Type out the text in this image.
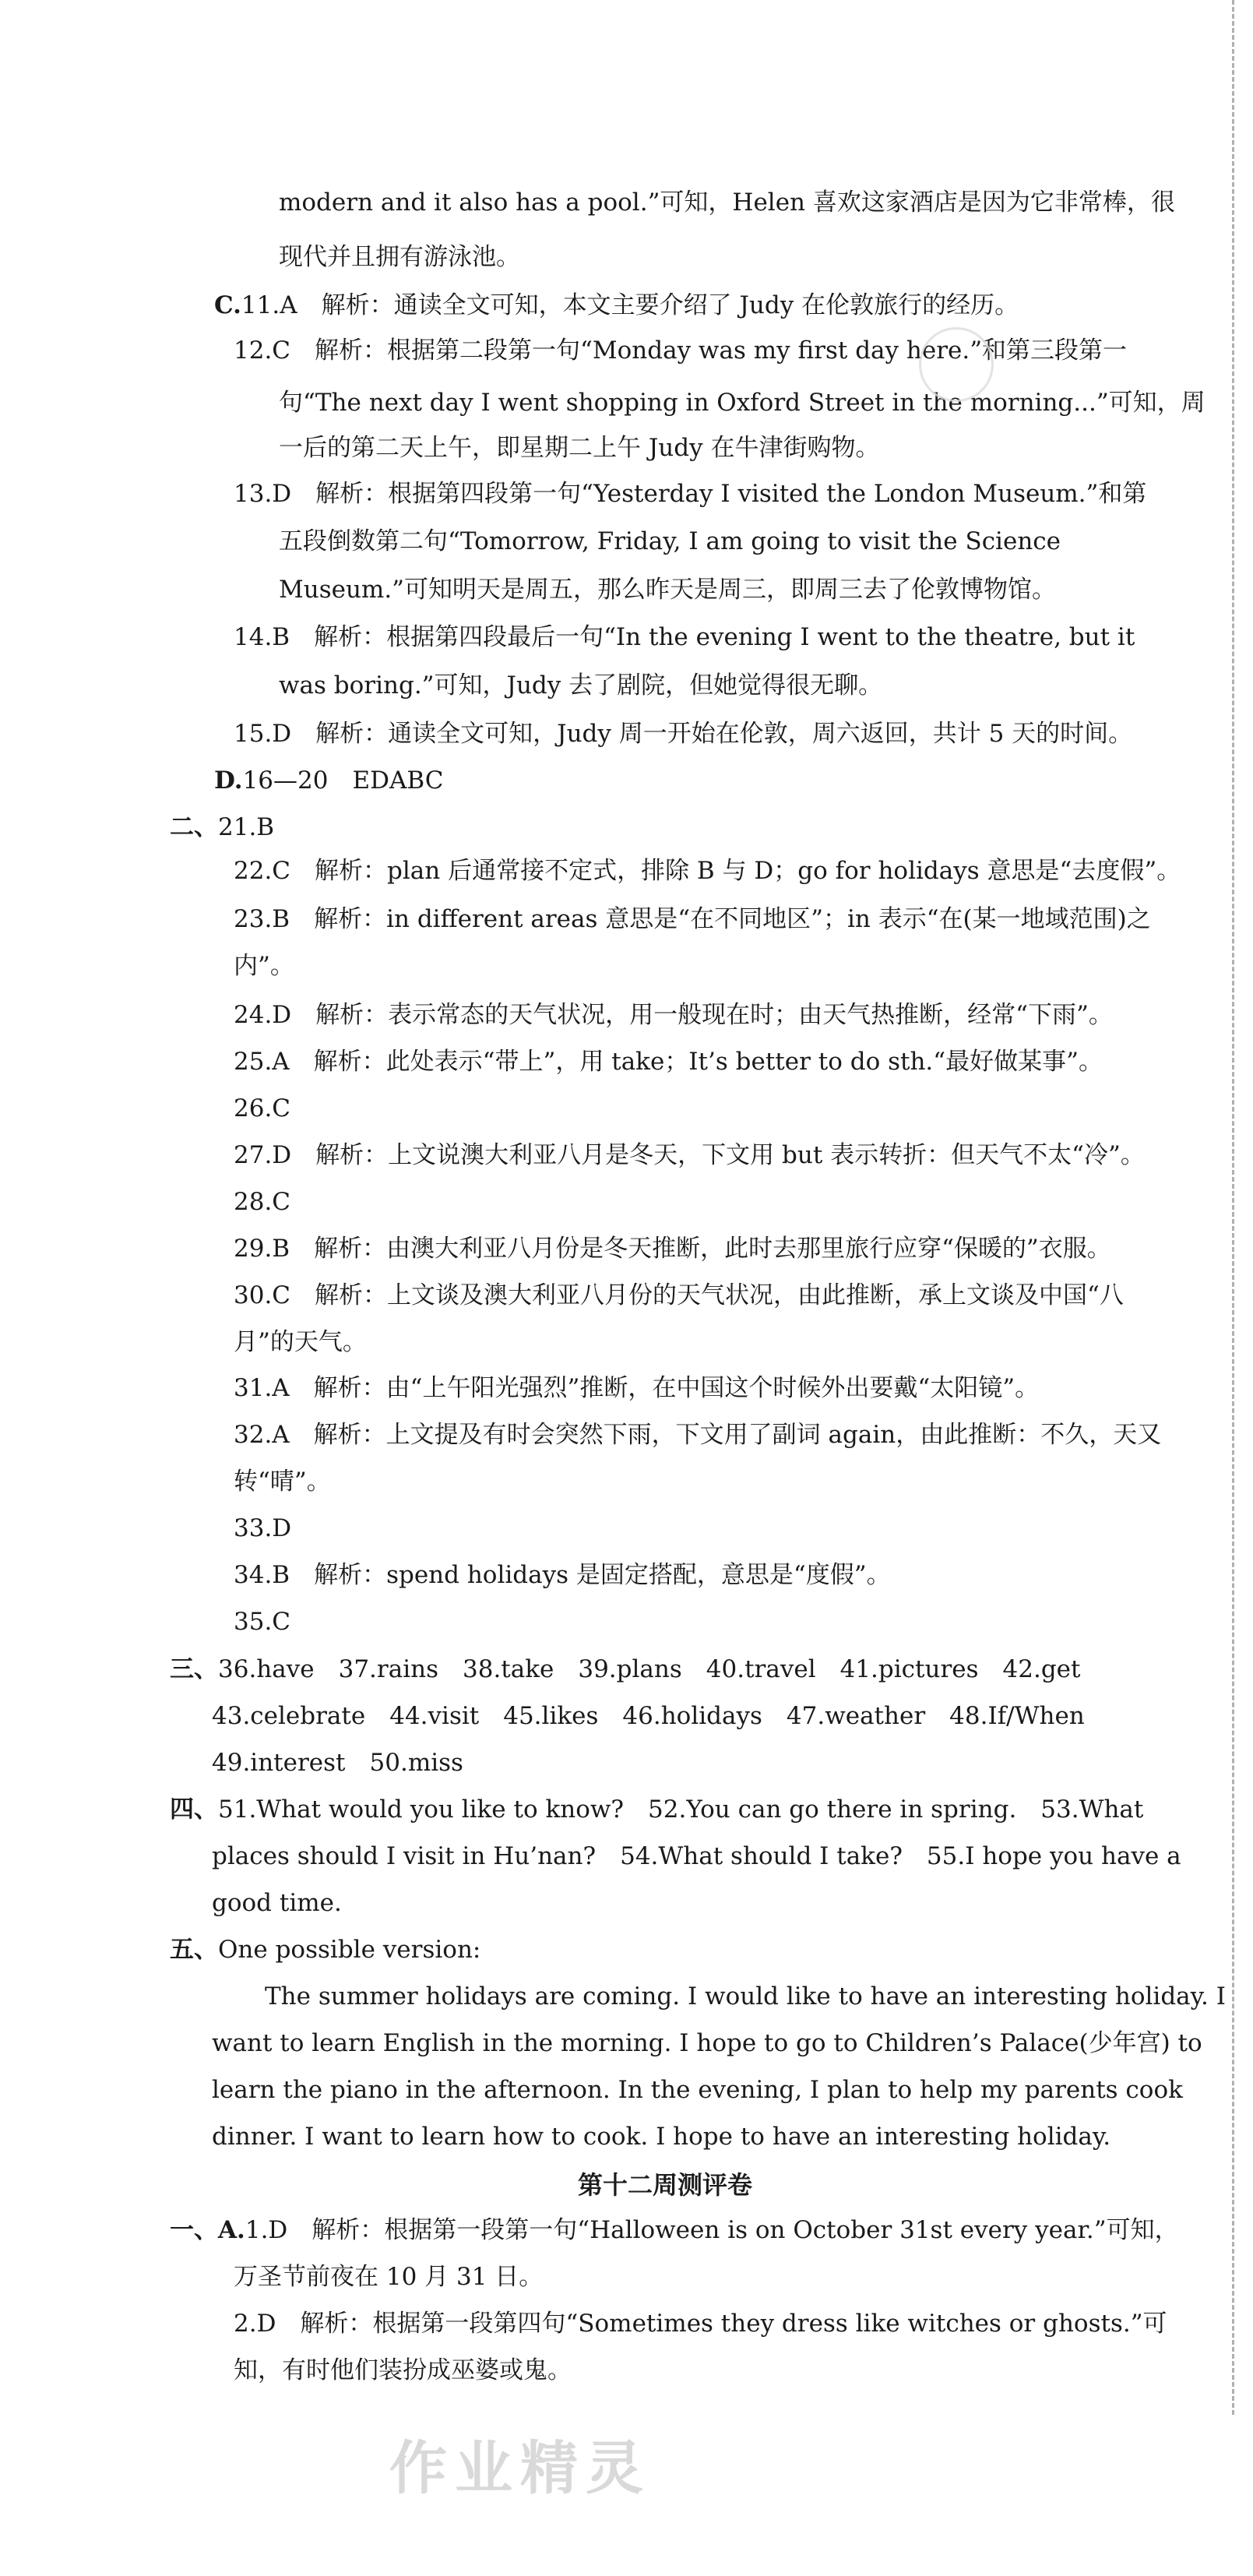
modern and it also has a pool.”可知，Helen 喜欢这家酒店是因为它非常棒，很
现代并且拥有游泳池。
C.11.A　解析：通读全文可知，本文主要介绍了 Judy 在伦敦旅行的经历。
12.C　解析：根据第二段第一句“Monday was my first day here.”和第三段第一
句“The next day I went shopping in Oxford Street in the morning...”可知，周
一后的第二天上午，即星期二上午 Judy 在牛津街购物。
13.D　解析：根据第四段第一句“Yesterday I visited the London Museum.”和第
五段倒数第二句“Tomorrow, Friday, I am going to visit the Science
Museum.”可知明天是周五，那么昨天是周三，即周三去了伦敦博物馆。
14.B　解析：根据第四段最后一句“In the evening I went to the theatre, but it
was boring.”可知，Judy 去了剧院，但她觉得很无聊。
15.D　解析：通读全文可知，Judy 周一开始在伦敦，周六返回，共计 5 天的时间。
D.16—20　EDABC
二、21.B
22.C　解析：plan 后通常接不定式，排除 B 与 D；go for holidays 意思是“去度假”。
23.B　解析：in different areas 意思是“在不同地区”；in 表示“在(某一地域范围)之
内”。
24.D　解析：表示常态的天气状况，用一般现在时；由天气热推断，经常“下雨”。
25.A　解析：此处表示“带上”，用 take；It’s better to do sth.“最好做某事”。
26.C
27.D　解析：上文说澳大利亚八月是冬天，下文用 but 表示转折：但天气不太“冷”。
28.C
29.B　解析：由澳大利亚八月份是冬天推断，此时去那里旅行应穿“保暖的”衣服。
30.C　解析：上文谈及澳大利亚八月份的天气状况，由此推断，承上文谈及中国“八
月”的天气。
31.A　解析：由“上午阳光强烈”推断，在中国这个时候外出要戴“太阳镜”。
32.A　解析：上文提及有时会突然下雨，下文用了副词 again，由此推断：不久，天又
转“晴”。
33.D
34.B　解析：spend holidays 是固定搭配，意思是“度假”。
35.C
三、36.have　37.rains　38.take　39.plans　40.travel　41.pictures　42.get
43.celebrate　44.visit　45.likes　46.holidays　47.weather　48.If/When
49.interest　50.miss
四、51.What would you like to know?　52.You can go there in spring.　53.What
places should I visit in Hu’nan?　54.What should I take?　55.I hope you have a
good time.
五、One possible version:
The summer holidays are coming. I would like to have an interesting holiday. I
want to learn English in the morning. I hope to go to Children’s Palace(少年宫) to
learn the piano in the afternoon. In the evening, I plan to help my parents cook
dinner. I want to learn how to cook. I hope to have an interesting holiday.
第十二周测评卷
一、A.1.D　解析：根据第一段第一句“Halloween is on October 31st every year.”可知，
万圣节前夜在 10 月 31 日。
2.D　解析：根据第一段第四句“Sometimes they dress like witches or ghosts.”可
知，有时他们装扮成巫婆或鬼。
作业精灵
